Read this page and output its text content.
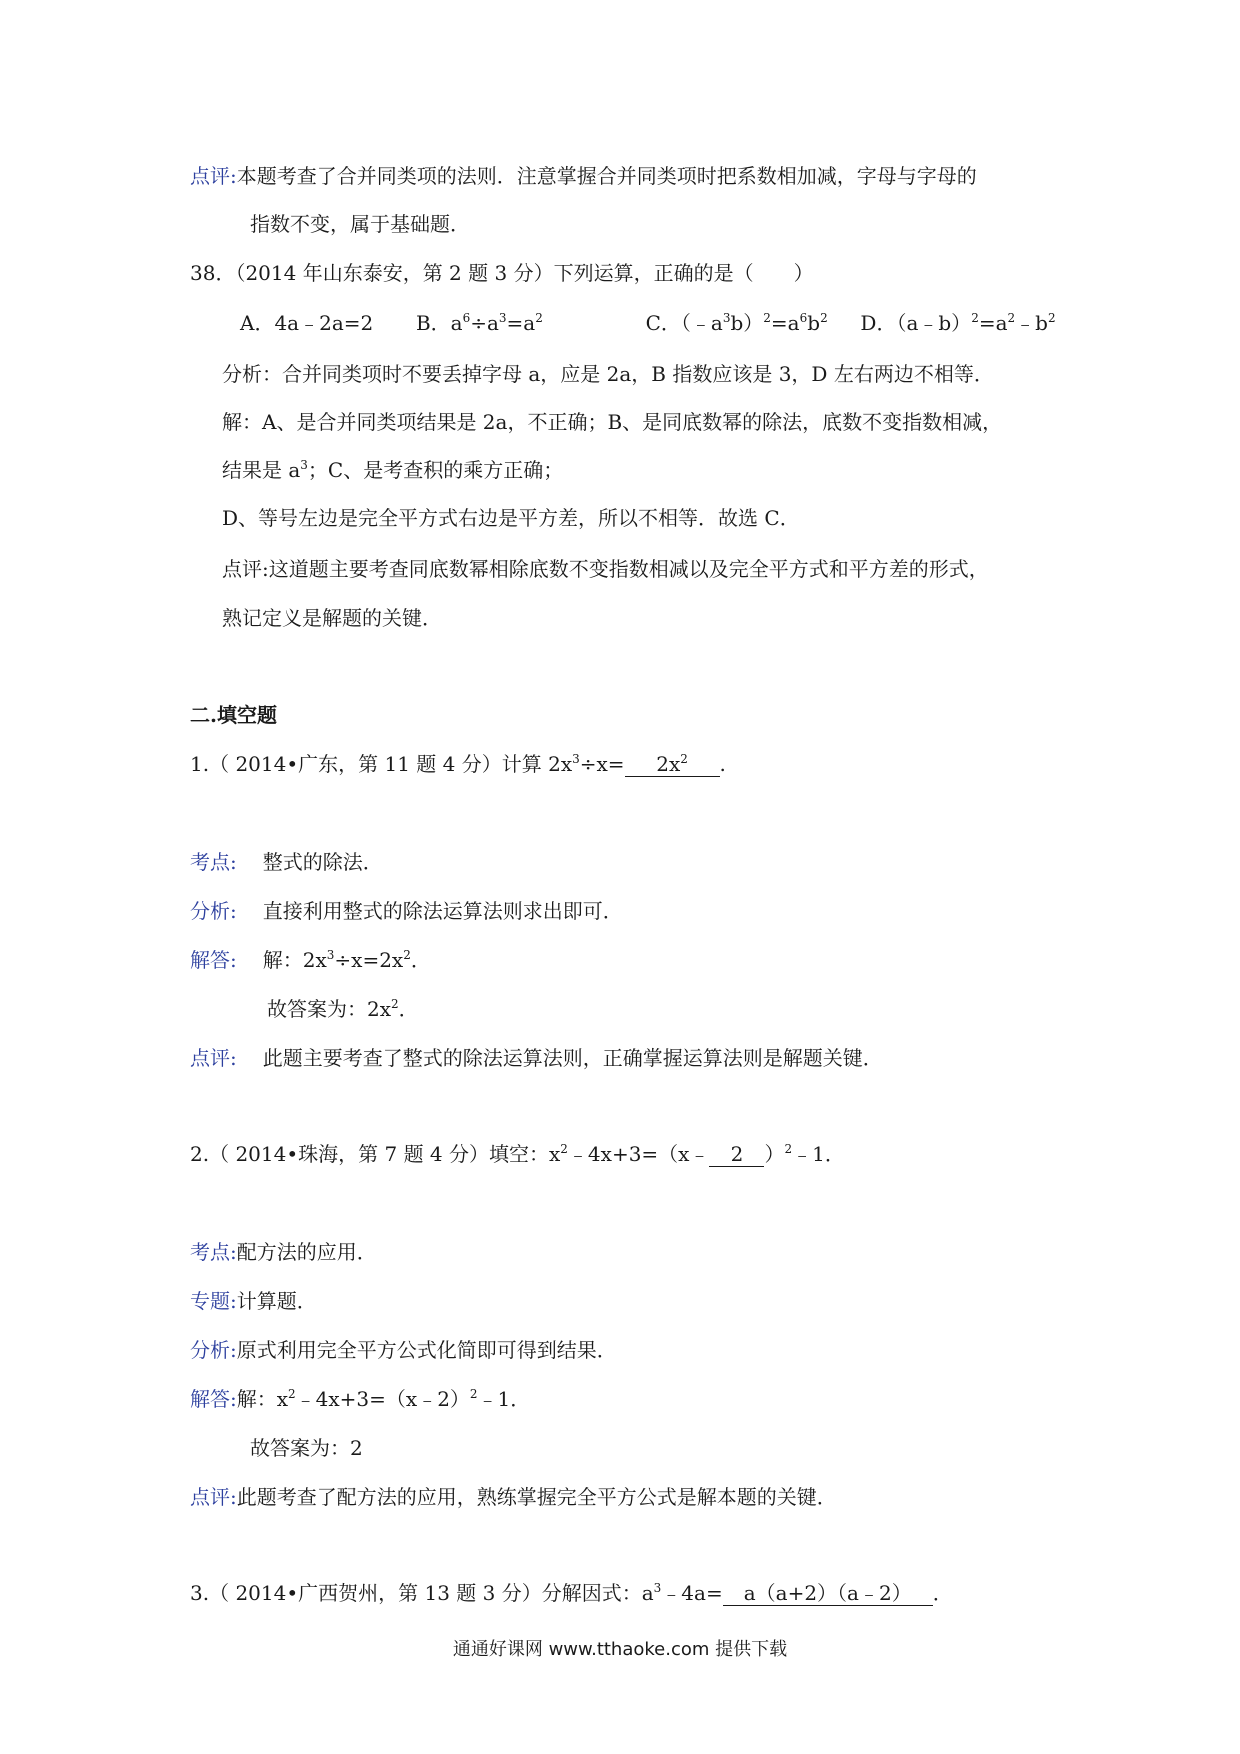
点评:本题考查了合并同类项的法则．注意掌握合并同类项时把系数相加减，字母与字母的
指数不变，属于基础题．
38．（2014 年山东泰安，第 2 题 3 分）下列运算，正确的是（　　）
A．4a﹣2a=2 B．$a^6\div a^3=a^2$	C．$(﹣a^3b)^2=a^6b^2$ D．$(a﹣b)^2=a^2﹣b^2$
分析：合并同类项时不要丢掉字母 a，应是 2a，B 指数应该是 3，D 左右两边不相等．
解：A、是合并同类项结果是 2a，不正确；B、是同底数幂的除法，底数不变指数相减，
结果是 $a^3$；C、是考查积的乘方正确；
D、等号左边是完全平方式右边是平方差，所以不相等．故选 C．
点评:这道题主要考查同底数幂相除底数不变指数相减以及完全平方式和平方差的形式，
熟记定义是解题的关键．
二.填空题
1.（ 2014•广东，第 11 题 4 分）计算 $2x^3\div x= 2x^2$ .
考点: 整式的除法．
分析: 直接利用整式的除法运算法则求出即可．
解答: 解：$2x^3\div x=2x^2$．
故答案为：$2x^2$．
点评: 此题主要考查了整式的除法运算法则，正确掌握运算法则是解题关键．
2.（ 2014•珠海，第 7 题 4 分）填空：$x^2﹣4x+3=(x﹣$ 2 ）$^2$﹣1．
考点:配方法的应用．
专题:计算题．
分析:原式利用完全平方公式化简即可得到结果．
解答:解：$x^2﹣4x+3=(x﹣2)^2﹣1$．
故答案为：2
点评:此题考查了配方法的应用，熟练掌握完全平方公式是解本题的关键．
3.（ 2014•广西贺州，第 13 题 3 分）分解因式：$a^3﹣4a=$ a（a+2）（a﹣2） ．
通通好课网 www.tthaoke.com 提供下载
